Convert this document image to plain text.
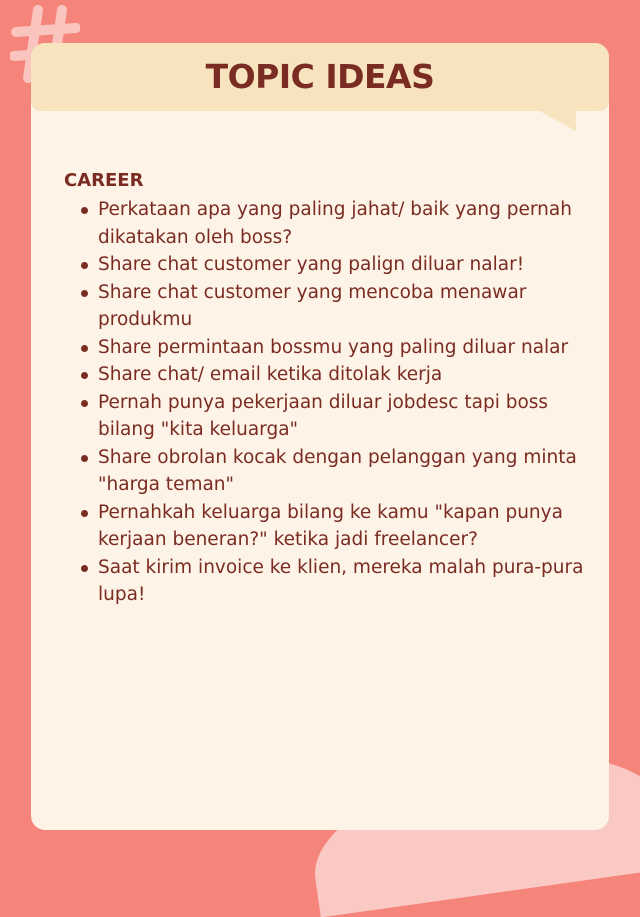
TOPIC IDEAS
CAREER
Perkataan apa yang paling jahat/ baik yang pernah dikatakan oleh boss?
Share chat customer yang palign diluar nalar!
Share chat customer yang mencoba menawar produkmu
Share permintaan bossmu yang paling diluar nalar
Share chat/ email ketika ditolak kerja
Pernah punya pekerjaan diluar jobdesc tapi boss bilang "kita keluarga"
Share obrolan kocak dengan pelanggan yang minta "harga teman"
Pernahkah keluarga bilang ke kamu "kapan punya kerjaan beneran?" ketika jadi freelancer?
Saat kirim invoice ke klien, mereka malah pura-pura lupa!
